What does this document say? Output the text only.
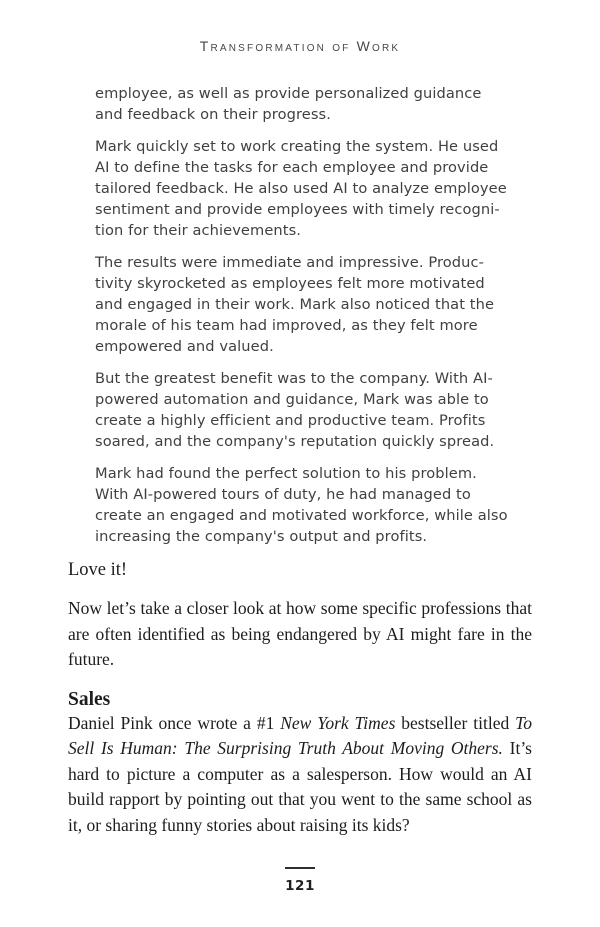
Transformation of Work

employee, as well as provide personalized guidance and feedback on their progress.

Mark quickly set to work creating the system. He used AI to define the tasks for each employee and provide tailored feedback. He also used AI to analyze employee sentiment and provide employees with timely recognition for their achievements.

The results were immediate and impressive. Productivity skyrocketed as employees felt more motivated and engaged in their work. Mark also noticed that the morale of his team had improved, as they felt more empowered and valued.

But the greatest benefit was to the company. With AI-powered automation and guidance, Mark was able to create a highly efficient and productive team. Profits soared, and the company's reputation quickly spread.

Mark had found the perfect solution to his problem. With AI-powered tours of duty, he had managed to create an engaged and motivated workforce, while also increasing the company's output and profits.

Love it!
Now let’s take a closer look at how some specific professions that are often identified as being endangered by AI might fare in the future.
Sales
Daniel Pink once wrote a #1 New York Times bestseller titled To Sell Is Human: The Surprising Truth About Moving Others. It’s hard to picture a computer as a salesperson. How would an AI build rapport by pointing out that you went to the same school as it, or sharing funny stories about raising its kids?
121
